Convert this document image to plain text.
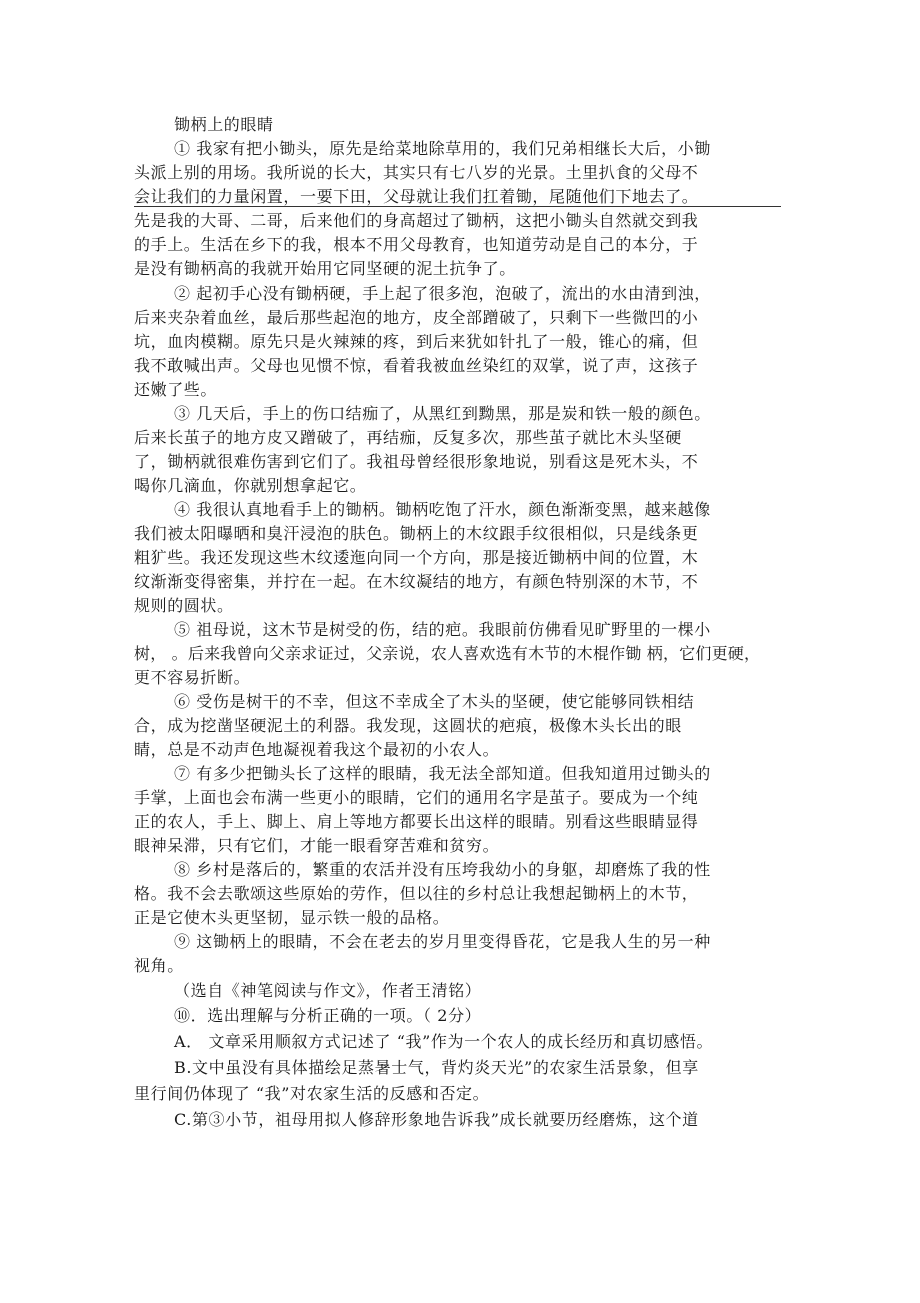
锄柄上的眼睛
① 我家有把小锄头，原先是给菜地除草用的，我们兄弟相继长大后，小锄
头派上别的用场。我所说的长大，其实只有七八岁的光景。土里扒食的父母不
会让我们的力量闲置，一要下田，父母就让我们扛着锄，尾随他们下地去了。
先是我的大哥、二哥，后来他们的身高超过了锄柄，这把小锄头自然就交到我
的手上。生活在乡下的我，根本不用父母教育，也知道劳动是自己的本分，于
是没有锄柄高的我就开始用它同坚硬的泥土抗争了。
② 起初手心没有锄柄硬，手上起了很多泡，泡破了，流出的水由清到浊，
后来夹杂着血丝，最后那些起泡的地方，皮全部蹭破了，只剩下一些微凹的小
坑，血肉模糊。原先只是火辣辣的疼，到后来犹如针扎了一般，锥心的痛，但
我不敢喊出声。父母也见惯不惊，看着我被血丝染红的双掌，说了声，这孩子
还嫩了些。
③ 几天后，手上的伤口结痂了，从黑红到黝黑，那是炭和铁一般的颜色。
后来长茧子的地方皮又蹭破了，再结痂，反复多次，那些茧子就比木头坚硬
了，锄柄就很难伤害到它们了。我祖母曾经很形象地说，别看这是死木头，不
喝你几滴血，你就别想拿起它。
④ 我很认真地看手上的锄柄。锄柄吃饱了汗水，颜色渐渐变黑，越来越像
我们被太阳曝晒和臭汗浸泡的肤色。锄柄上的木纹跟手纹很相似，只是线条更
粗犷些。我还发现这些木纹逶迤向同一个方向，那是接近锄柄中间的位置，木
纹渐渐变得密集，并拧在一起。在木纹凝结的地方，有颜色特别深的木节，不
规则的圆状。
⑤ 祖母说，这木节是树受的伤，结的疤。我眼前仿佛看见旷野里的一棵小
树， 。后来我曾向父亲求证过，父亲说，农人喜欢选有木节的木棍作锄 柄，它们更硬，
更不容易折断。
⑥ 受伤是树干的不幸，但这不幸成全了木头的坚硬，使它能够同铁相结
合，成为挖凿坚硬泥土的利器。我发现，这圆状的疤痕，极像木头长出的眼
睛，总是不动声色地凝视着我这个最初的小农人。
⑦ 有多少把锄头长了这样的眼睛，我无法全部知道。但我知道用过锄头的
手掌，上面也会布满一些更小的眼睛，它们的通用名字是茧子。要成为一个纯
正的农人，手上、脚上、肩上等地方都要长出这样的眼睛。别看这些眼睛显得
眼神呆滞，只有它们，才能一眼看穿苦难和贫穷。
⑧ 乡村是落后的，繁重的农活并没有压垮我幼小的身躯，却磨炼了我的性
格。我不会去歌颂这些原始的劳作，但以往的乡村总让我想起锄柄上的木节，
正是它使木头更坚韧，显示铁一般的品格。
⑨ 这锄柄上的眼睛，不会在老去的岁月里变得昏花，它是我人生的另一种
视角。
（选自《神笔阅读与作文》，作者王清铭）
⑩．选出理解与分析正确的一项。（ 2分）
A． 文章采用顺叙方式记述了 “我”作为一个农人的成长经历和真切感悟。
B.文中虽没有具体描绘足蒸暑士气，背灼炎天光”的农家生活景象，但享
里行间仍体现了 “我”对农家生活的反感和否定。
C.第③小节，祖母用拟人修辞形象地告诉我”成长就要历经磨炼，这个道
